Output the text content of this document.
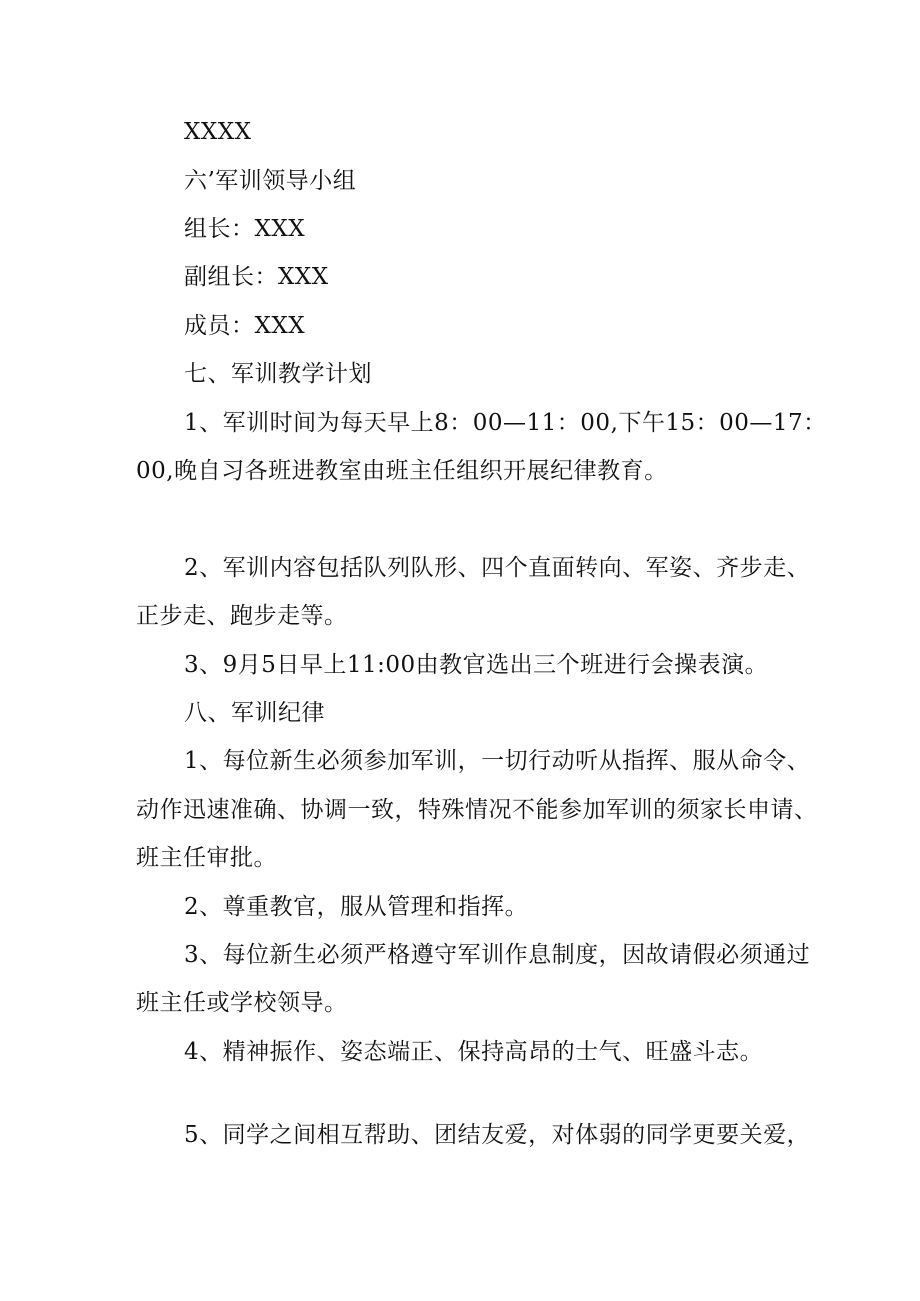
XXXX
六’军训领导小组
组长：XXX
副组长：XXX
成员：XXX
七、军训教学计划
1、军训时间为每天早上8：00—11：00,下午15：00—17：
00,晚自习各班进教室由班主任组织开展纪律教育。
2、军训内容包括队列队形、四个直面转向、军姿、齐步走、
正步走、跑步走等。
3、9月5日早上11:00由教官选出三个班进行会操表演。
八、军训纪律
1、每位新生必须参加军训，一切行动听从指挥、服从命令、
动作迅速准确、协调一致，特殊情况不能参加军训的须家长申请、
班主任审批。
2、尊重教官，服从管理和指挥。
3、每位新生必须严格遵守军训作息制度，因故请假必须通过
班主任或学校领导。
4、精神振作、姿态端正、保持高昂的士气、旺盛斗志。
5、同学之间相互帮助、团结友爱，对体弱的同学更要关爱，
